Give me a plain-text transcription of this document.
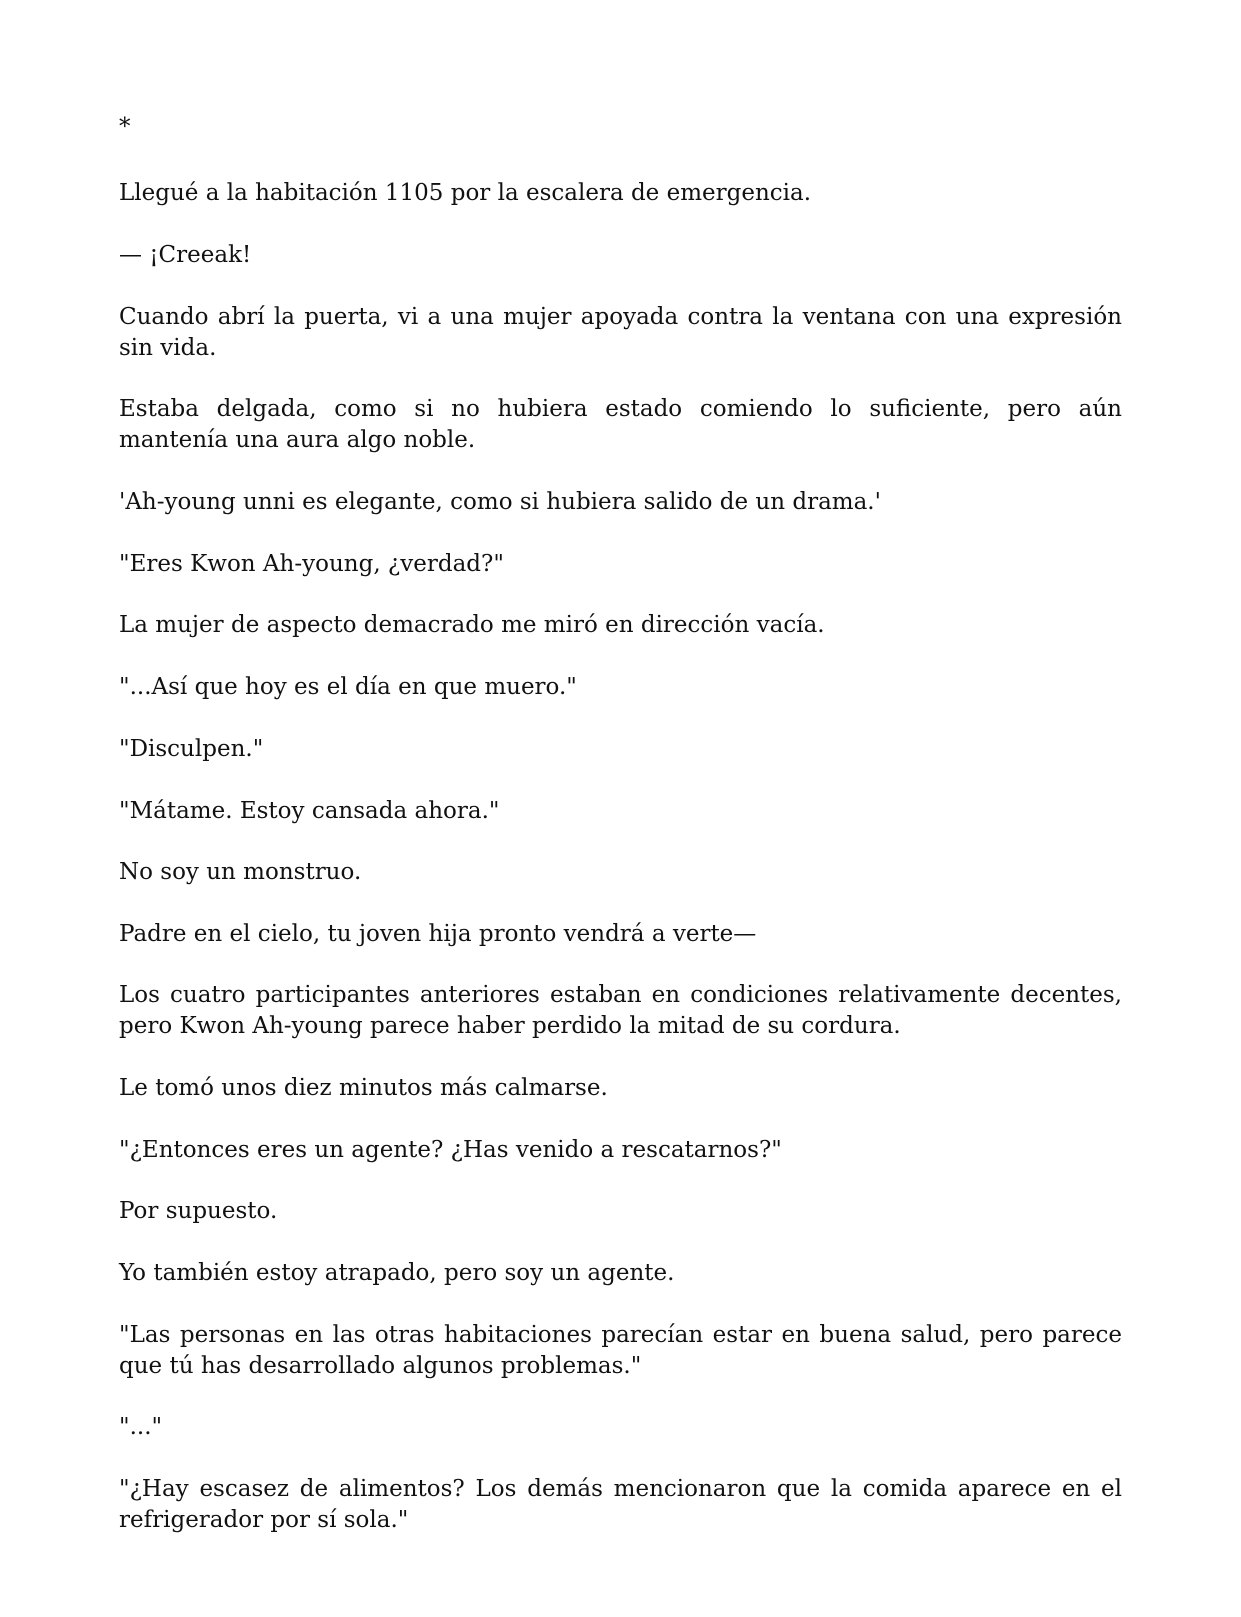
*

Llegué a la habitación 1105 por la escalera de emergencia.

— ¡Creeak!

Cuando abrí la puerta, vi a una mujer apoyada contra la ventana con una expresión sin vida.

Estaba delgada, como si no hubiera estado comiendo lo suficiente, pero aún mantenía una aura algo noble.

'Ah-young unni es elegante, como si hubiera salido de un drama.'

"Eres Kwon Ah-young, ¿verdad?"

La mujer de aspecto demacrado me miró en dirección vacía.

"...Así que hoy es el día en que muero."

"Disculpen."

"Mátame. Estoy cansada ahora."

No soy un monstruo.

Padre en el cielo, tu joven hija pronto vendrá a verte—

Los cuatro participantes anteriores estaban en condiciones relativamente decentes, pero Kwon Ah-young parece haber perdido la mitad de su cordura.

Le tomó unos diez minutos más calmarse.

"¿Entonces eres un agente? ¿Has venido a rescatarnos?"

Por supuesto.

Yo también estoy atrapado, pero soy un agente.

"Las personas en las otras habitaciones parecían estar en buena salud, pero parece que tú has desarrollado algunos problemas."

"..."

"¿Hay escasez de alimentos? Los demás mencionaron que la comida aparece en el refrigerador por sí sola."
